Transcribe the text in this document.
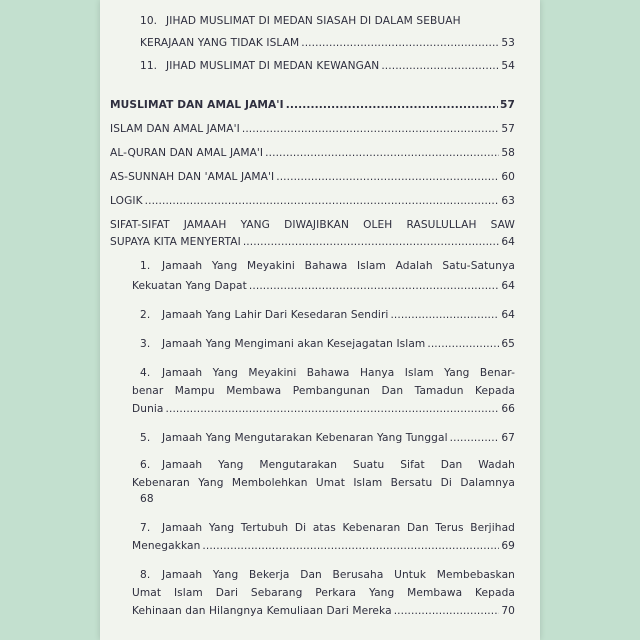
10. JIHAD MUSLIMAT DI MEDAN SIASAH DI DALAM SEBUAH
KERAJAAN YANG TIDAK ISLAM .....	53
11. JIHAD MUSLIMAT DI MEDAN KEWANGAN .....	54
MUSLIMAT DAN AMAL JAMA'I .....	57
ISLAM DAN AMAL JAMA'I .....	57
AL-QURAN DAN AMAL JAMA'I .....	58
AS-SUNNAH DAN 'AMAL JAMA'I .....	60
LOGIK .....	63
SIFAT-SIFAT JAMAAH YANG DIWAJIBKAN OLEH RASULULLAH SAW
SUPAYA KITA MENYERTAI .....	64
1. Jamaah Yang Meyakini Bahawa Islam Adalah Satu-Satunya
Kekuatan Yang Dapat .....	64
2. Jamaah Yang Lahir Dari Kesedaran Sendiri .....	64
3. Jamaah Yang Mengimani akan Kesejagatan Islam .....	65
4. Jamaah Yang Meyakini Bahawa Hanya Islam Yang Benar-
benar Mampu Membawa Pembangunan Dan Tamadun Kepada
Dunia .....	66
5. Jamaah Yang Mengutarakan Kebenaran Yang Tunggal .....	67
6. Jamaah Yang Mengutarakan Suatu Sifat Dan Wadah
Kebenaran Yang Membolehkan Umat Islam Bersatu Di Dalamnya
68
7. Jamaah Yang Tertubuh Di atas Kebenaran Dan Terus Berjihad
Menegakkan .....	69
8. Jamaah Yang Bekerja Dan Berusaha Untuk Membebaskan
Umat Islam Dari Sebarang Perkara Yang Membawa Kepada
Kehinaan dan Hilangnya Kemuliaan Dari Mereka .....	70
